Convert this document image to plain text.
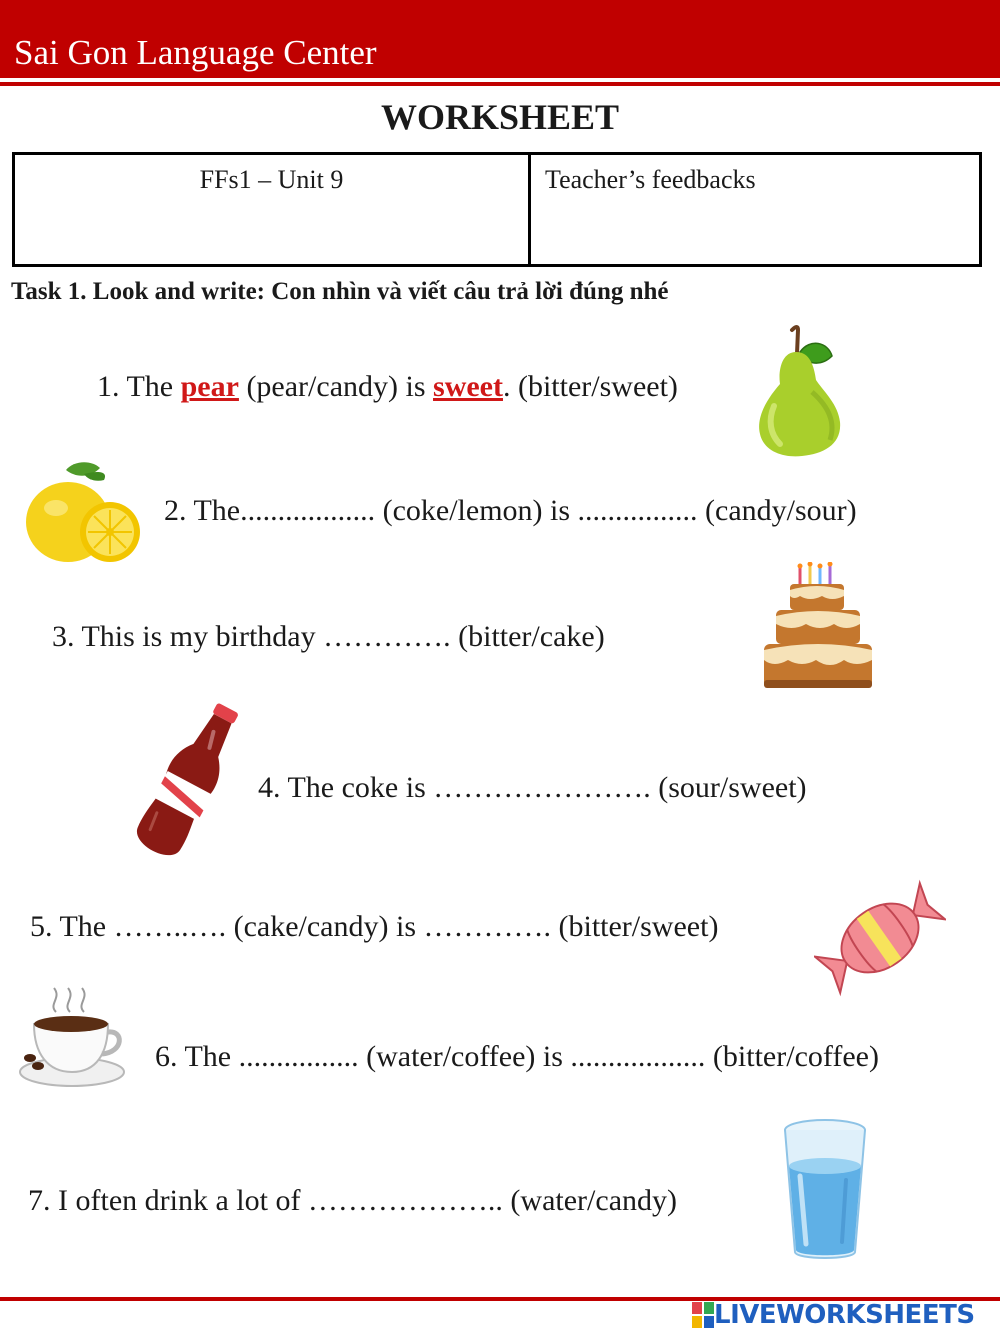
Sai Gon Language Center
WORKSHEET
FFs1 – Unit 9	Teacher’s feedbacks
Task 1. Look and write: Con nhìn và viết câu trả lời đúng nhé
1. The pear (pear/candy) is sweet. (bitter/sweet)
2. The.................. (coke/lemon) is ................ (candy/sour)
3. This is my birthday …………. (bitter/cake)
4. The coke is …………………. (sour/sweet)
5. The ……..…. (cake/candy) is …………. (bitter/sweet)
6. The ................ (water/coffee) is .................. (bitter/coffee)
7. I often drink a lot of ……………….. (water/candy)
LIVEWORKSHEETS
